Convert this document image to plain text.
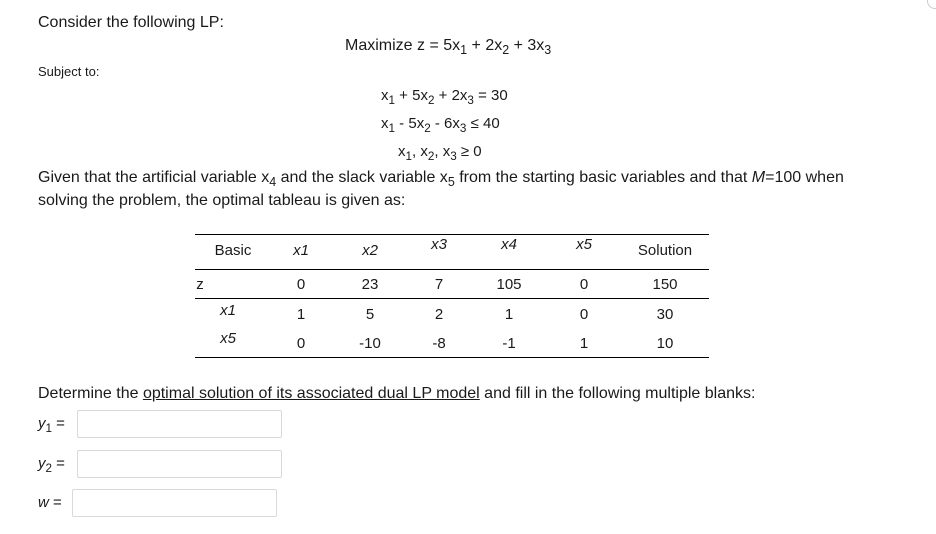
Consider the following LP:
Maximize $z = 5x_1 + 2x_2 + 3x_3$
Subject to:
$x_1 + 5x_2 + 2x_3 = 30$
$x_1 - 5x_2 - 6x_3 \le 40$
$x_1$, $x_2$, $x_3 \ge 0$
Given that the artificial variable $x_4$ and the slack variable $x_5$ from the starting basic variables and that M=100 when
solving the problem, the optimal tableau is given as:
Basic	x1	x2	x3	x4	x5	Solution
z	0	23	7	105	0	150
x1	1	5	2	1	0	30
x5	0	-10	-8	-1	1	10
Determine the optimal solution of its associated dual LP model and fill in the following multiple blanks:
$y_1$ =
$y_2$ =
w =
